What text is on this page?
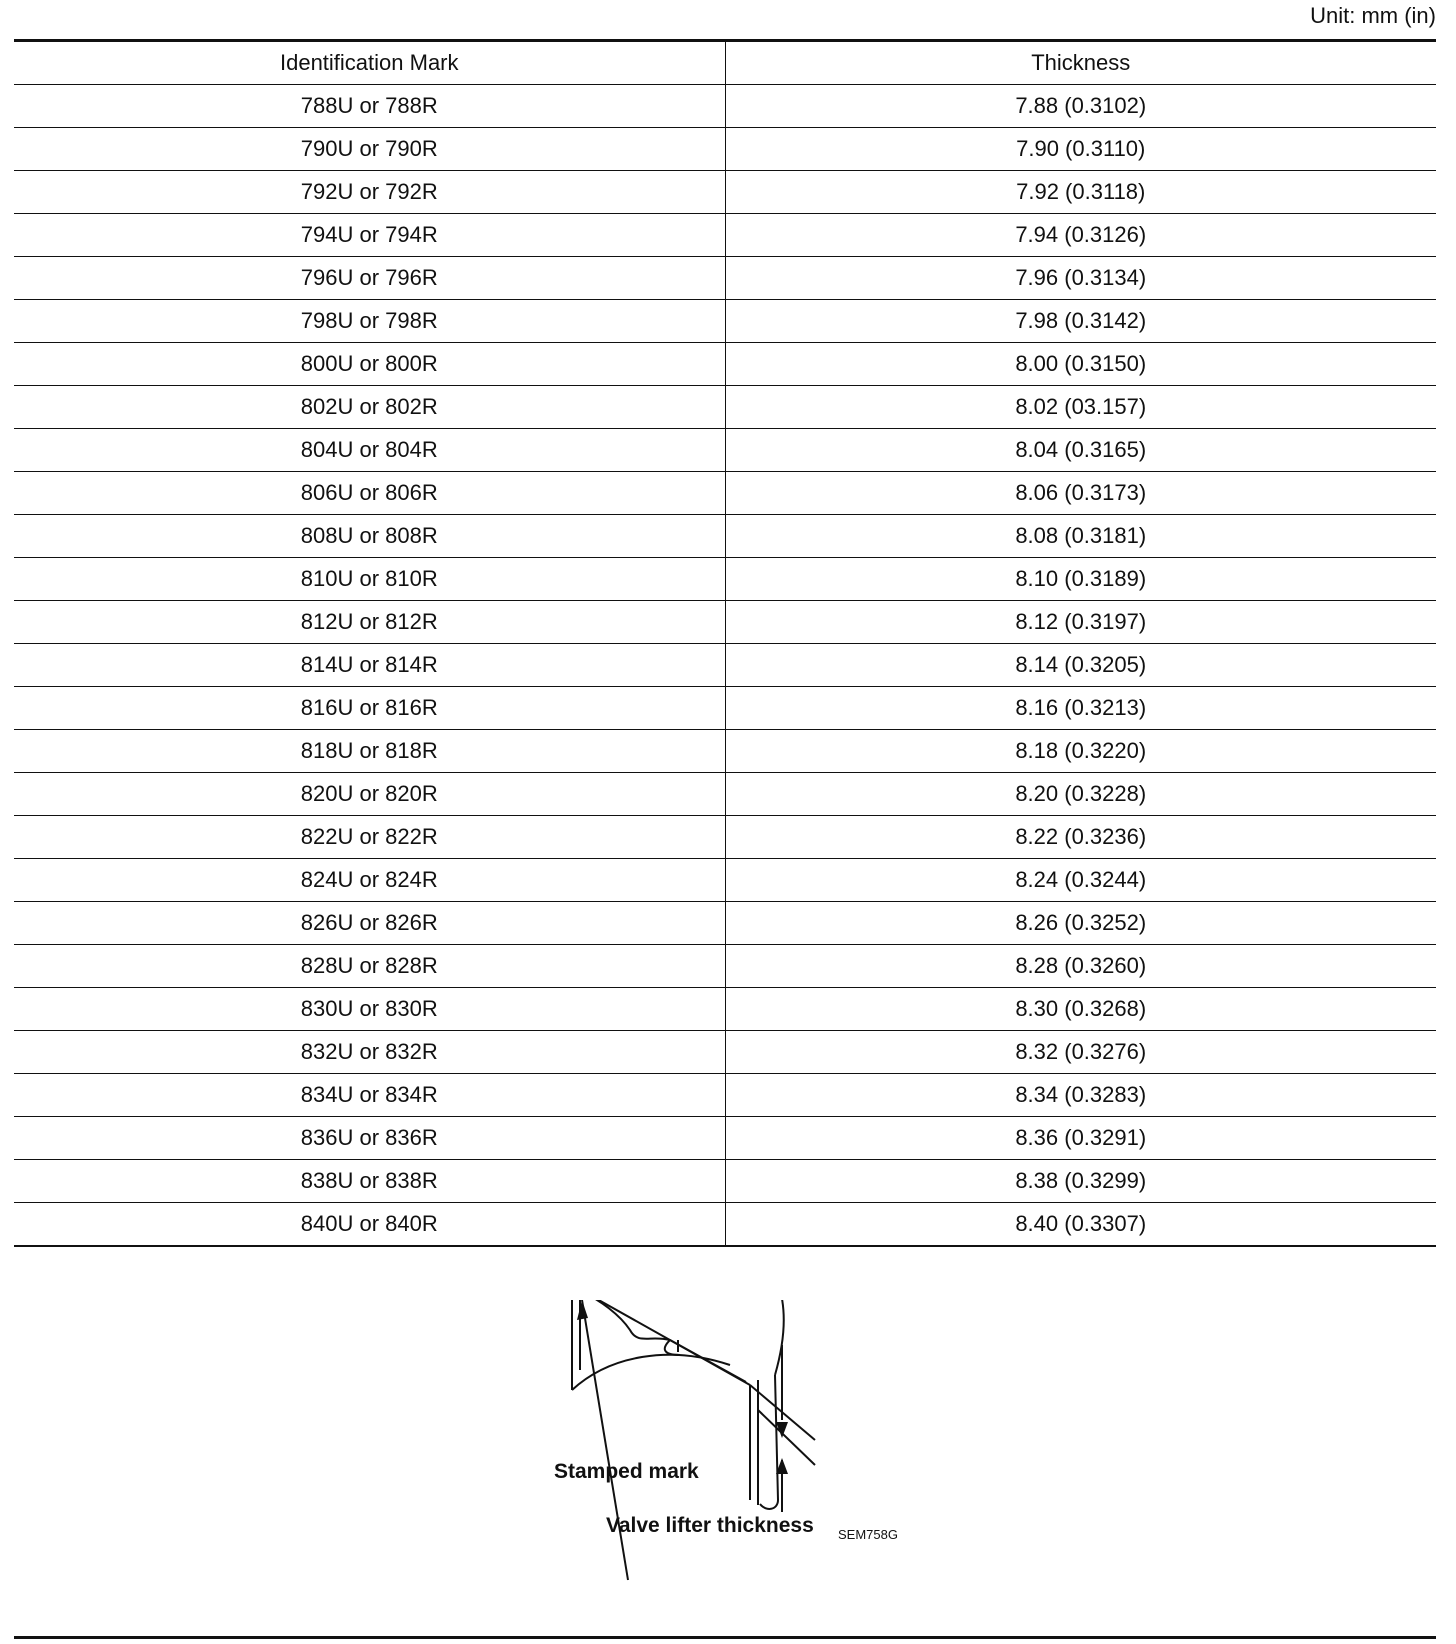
Unit: mm (in)
Identification Mark	Thickness
788U or 788R	7.88 (0.3102)
790U or 790R	7.90 (0.3110)
792U or 792R	7.92 (0.3118)
794U or 794R	7.94 (0.3126)
796U or 796R	7.96 (0.3134)
798U or 798R	7.98 (0.3142)
800U or 800R	8.00 (0.3150)
802U or 802R	8.02 (03.157)
804U or 804R	8.04 (0.3165)
806U or 806R	8.06 (0.3173)
808U or 808R	8.08 (0.3181)
810U or 810R	8.10 (0.3189)
812U or 812R	8.12 (0.3197)
814U or 814R	8.14 (0.3205)
816U or 816R	8.16 (0.3213)
818U or 818R	8.18 (0.3220)
820U or 820R	8.20 (0.3228)
822U or 822R	8.22 (0.3236)
824U or 824R	8.24 (0.3244)
826U or 826R	8.26 (0.3252)
828U or 828R	8.28 (0.3260)
830U or 830R	8.30 (0.3268)
832U or 832R	8.32 (0.3276)
834U or 834R	8.34 (0.3283)
836U or 836R	8.36 (0.3291)
838U or 838R	8.38 (0.3299)
840U or 840R	8.40 (0.3307)
Stamped mark
Valve lifter thickness SEM758G
